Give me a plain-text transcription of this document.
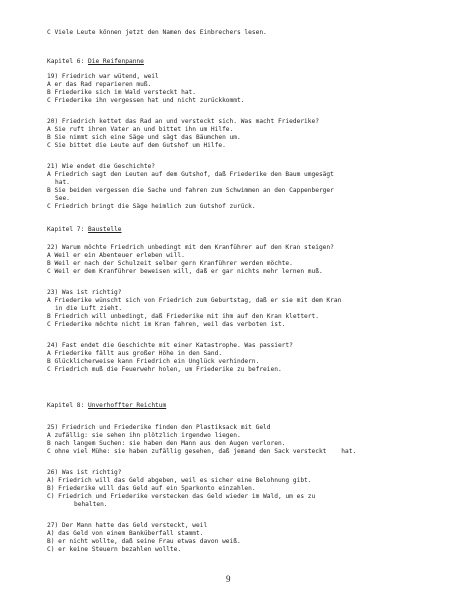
C Viele Leute können jetzt den Namen des Einbrechers lesen.
Kapitel 6: Die Reifenpanne
19) Friedrich war wütend, weil
A er das Rad reparieren muß.
B Friederike sich im Wald versteckt hat.
C Friederike ihn vergessen hat und nicht zurückkommt.
20) Friedrich kettet das Rad an und versteckt sich. Was macht Friederike?
A Sie ruft ihren Vater an und bittet ihn um Hilfe.
B Sie nimmt sich eine Säge und sägt das Bäumchen um.
C Sie bittet die Leute auf dem Gutshof um Hilfe.
21) Wie endet die Geschichte?
A Friedrich sagt den Leuten auf dem Gutshof, daß Friederike den Baum umgesägt
hat.
B Sie beiden vergessen die Sache und fahren zum Schwimmen an den Cappenberger
See.
C Friedrich bringt die Säge heimlich zum Gutshof zurück.
Kapitel 7: Baustelle
22) Warum möchte Friedrich unbedingt mit dem Kranführer auf den Kran steigen?
A Weil er ein Abenteuer erleben will.
B Weil er nach der Schulzeit selber gern Kranführer werden möchte.
C Weil er dem Kranführer beweisen will, daß er gar nichts mehr lernen muß.
23) Was ist richtig?
A Friederike wünscht sich von Friedrich zum Geburtstag, daß er sie mit dem Kran
in die Luft zieht.
B Friedrich will unbedingt, daß Friederike mit ihm auf den Kran klettert.
C Friederike möchte nicht im Kran fahren, weil das verboten ist.
24) Fast endet die Geschichte mit einer Katastrophe. Was passiert?
A Friederike fällt aus großer Höhe in den Sand.
B Glücklicherweise kann Friedrich ein Unglück verhindern.
C Friedrich muß die Feuerwehr holen, um Friederike zu befreien.
Kapitel 8: Unverhoffter Reichtum
25) Friedrich und Friederike finden den Plastiksack mit Geld
A zufällig: sie sehen ihn plötzlich irgendwo liegen.
B nach langem Suchen: sie haben den Mann aus den Augen verloren.
C ohne viel Mühe: sie haben zufällig gesehen, daß jemand den Sack versteckt    hat.
26) Was ist richtig?
A) Friedrich will das Geld abgeben, weil es sicher eine Belohnung gibt.
B) Friederike will das Geld auf ein Sparkonto einzahlen.
C) Friedrich und Friederike verstecken das Geld wieder im Wald, um es zu
behalten.
27) Der Mann hatte das Geld versteckt, weil
A) das Geld von einem Banküberfall stammt.
B) er nicht wollte, daß seine Frau etwas davon weiß.
C) er keine Steuern bezahlen wollte.
9
